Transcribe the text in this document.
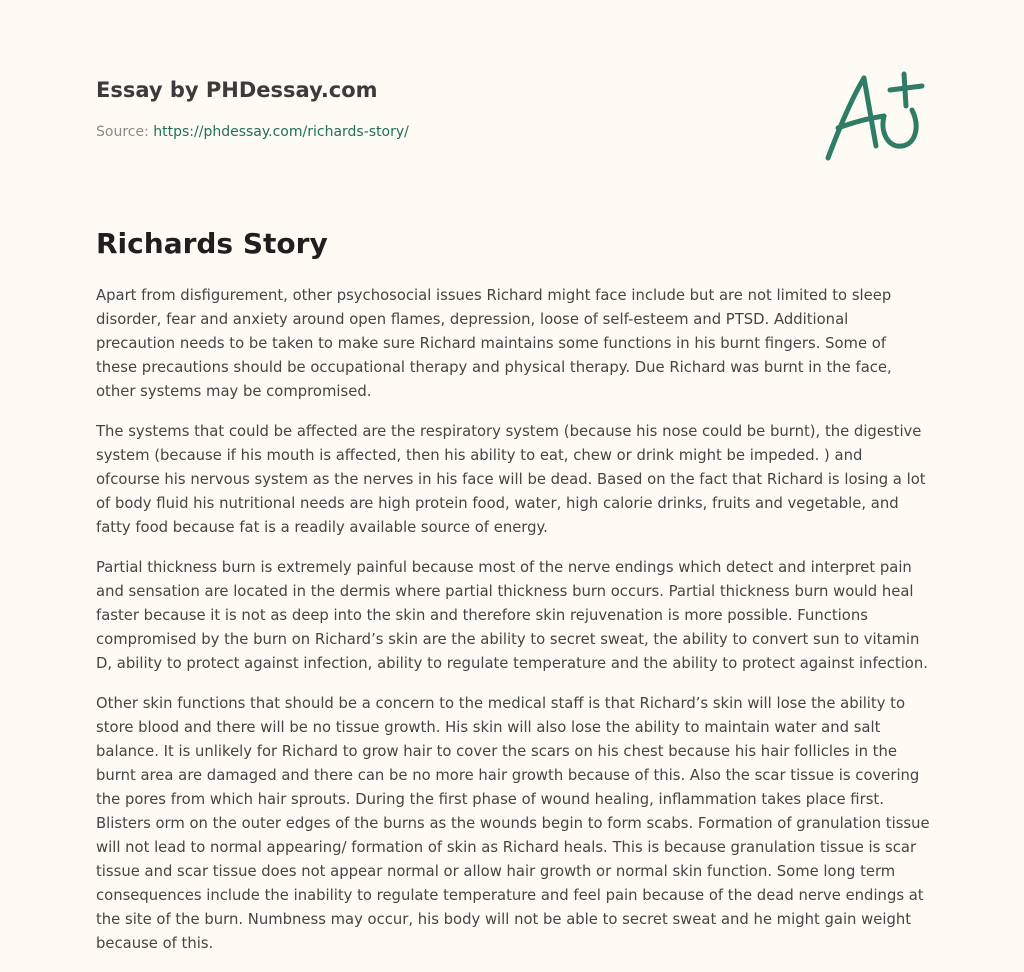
Essay by PHDessay.com
Source: https://phdessay.com/richards-story/
Richards Story

Apart from disfigurement, other psychosocial issues Richard might face include but are not limited to sleep disorder, fear and anxiety around open flames, depression, loose of self-esteem and PTSD. Additional precaution needs to be taken to make sure Richard maintains some functions in his burnt fingers. Some of these precautions should be occupational therapy and physical therapy. Due Richard was burnt in the face, other systems may be compromised.

The systems that could be affected are the respiratory system (because his nose could be burnt), the digestive system (because if his mouth is affected, then his ability to eat, chew or drink might be impeded. ) and ofcourse his nervous system as the nerves in his face will be dead. Based on the fact that Richard is losing a lot of body fluid his nutritional needs are high protein food, water, high calorie drinks, fruits and vegetable, and fatty food because fat is a readily available source of energy.

Partial thickness burn is extremely painful because most of the nerve endings which detect and interpret pain and sensation are located in the dermis where partial thickness burn occurs. Partial thickness burn would heal faster because it is not as deep into the skin and therefore skin rejuvenation is more possible. Functions compromised by the burn on Richard’s skin are the ability to secret sweat, the ability to convert sun to vitamin D, ability to protect against infection, ability to regulate temperature and the ability to protect against infection.

Other skin functions that should be a concern to the medical staff is that Richard’s skin will lose the ability to store blood and there will be no tissue growth. His skin will also lose the ability to maintain water and salt balance. It is unlikely for Richard to grow hair to cover the scars on his chest because his hair follicles in the burnt area are damaged and there can be no more hair growth because of this. Also the scar tissue is covering the pores from which hair sprouts. During the first phase of wound healing, inflammation takes place first. Blisters orm on the outer edges of the burns as the wounds begin to form scabs. Formation of granulation tissue will not lead to normal appearing/ formation of skin as Richard heals. This is because granulation tissue is scar tissue and scar tissue does not appear normal or allow hair growth or normal skin function. Some long term consequences include the inability to regulate temperature and feel pain because of the dead nerve endings at the site of the burn. Numbness may occur, his body will not be able to secret sweat and he might gain weight because of this.
